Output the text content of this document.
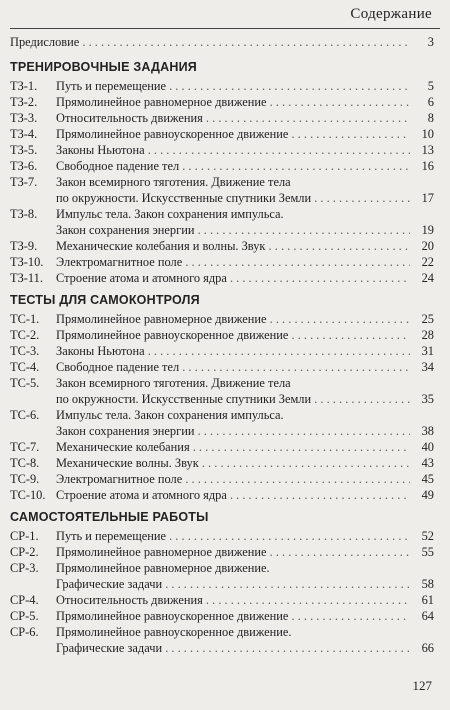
Содержание
Предисловие . . .	3
ТРЕНИРОВОЧНЫЕ ЗАДАНИЯ
ТЗ-1.	Путь и перемещение . . .	5
ТЗ-2.	Прямолинейное равномерное движение . . .	6
ТЗ-3.	Относительность движения . . .	8
ТЗ-4.	Прямолинейное равноускоренное движение . . .	10
ТЗ-5.	Законы Ньютона . . .	13
ТЗ-6.	Свободное падение тел . . .	16
ТЗ-7.	Закон всемирного тяготения. Движение тела
по окружности. Искусственные спутники Земли . . .	17
ТЗ-8.	Импульс тела. Закон сохранения импульса.
Закон сохранения энергии . . .	19
ТЗ-9.	Механические колебания и волны. Звук . . .	20
ТЗ-10.	Электромагнитное поле . . .	22
ТЗ-11.	Строение атома и атомного ядра . . .	24
ТЕСТЫ ДЛЯ САМОКОНТРОЛЯ
ТС-1.	Прямолинейное равномерное движение . . .	25
ТС-2.	Прямолинейное равноускоренное движение . . .	28
ТС-3.	Законы Ньютона . . .	31
ТС-4.	Свободное падение тел . . .	34
ТС-5.	Закон всемирного тяготения. Движение тела
по окружности. Искусственные спутники Земли . . .	35
ТС-6.	Импульс тела. Закон сохранения импульса.
Закон сохранения энергии . . .	38
ТС-7.	Механические колебания . . .	40
ТС-8.	Механические волны. Звук . . .	43
ТС-9.	Электромагнитное поле . . .	45
ТС-10. Строение атома и атомного ядра . . .	49
САМОСТОЯТЕЛЬНЫЕ РАБОТЫ
СР-1.	Путь и перемещение . . .	52
СР-2.	Прямолинейное равномерное движение . . .	55
СР-3.	Прямолинейное равномерное движение.
Графические задачи . . .	58
СР-4.	Относительность движения . . .	61
СР-5.	Прямолинейное равноускоренное движение . . .	64
СР-6.	Прямолинейное равноускоренное движение.
Графические задачи . . .	66
127
